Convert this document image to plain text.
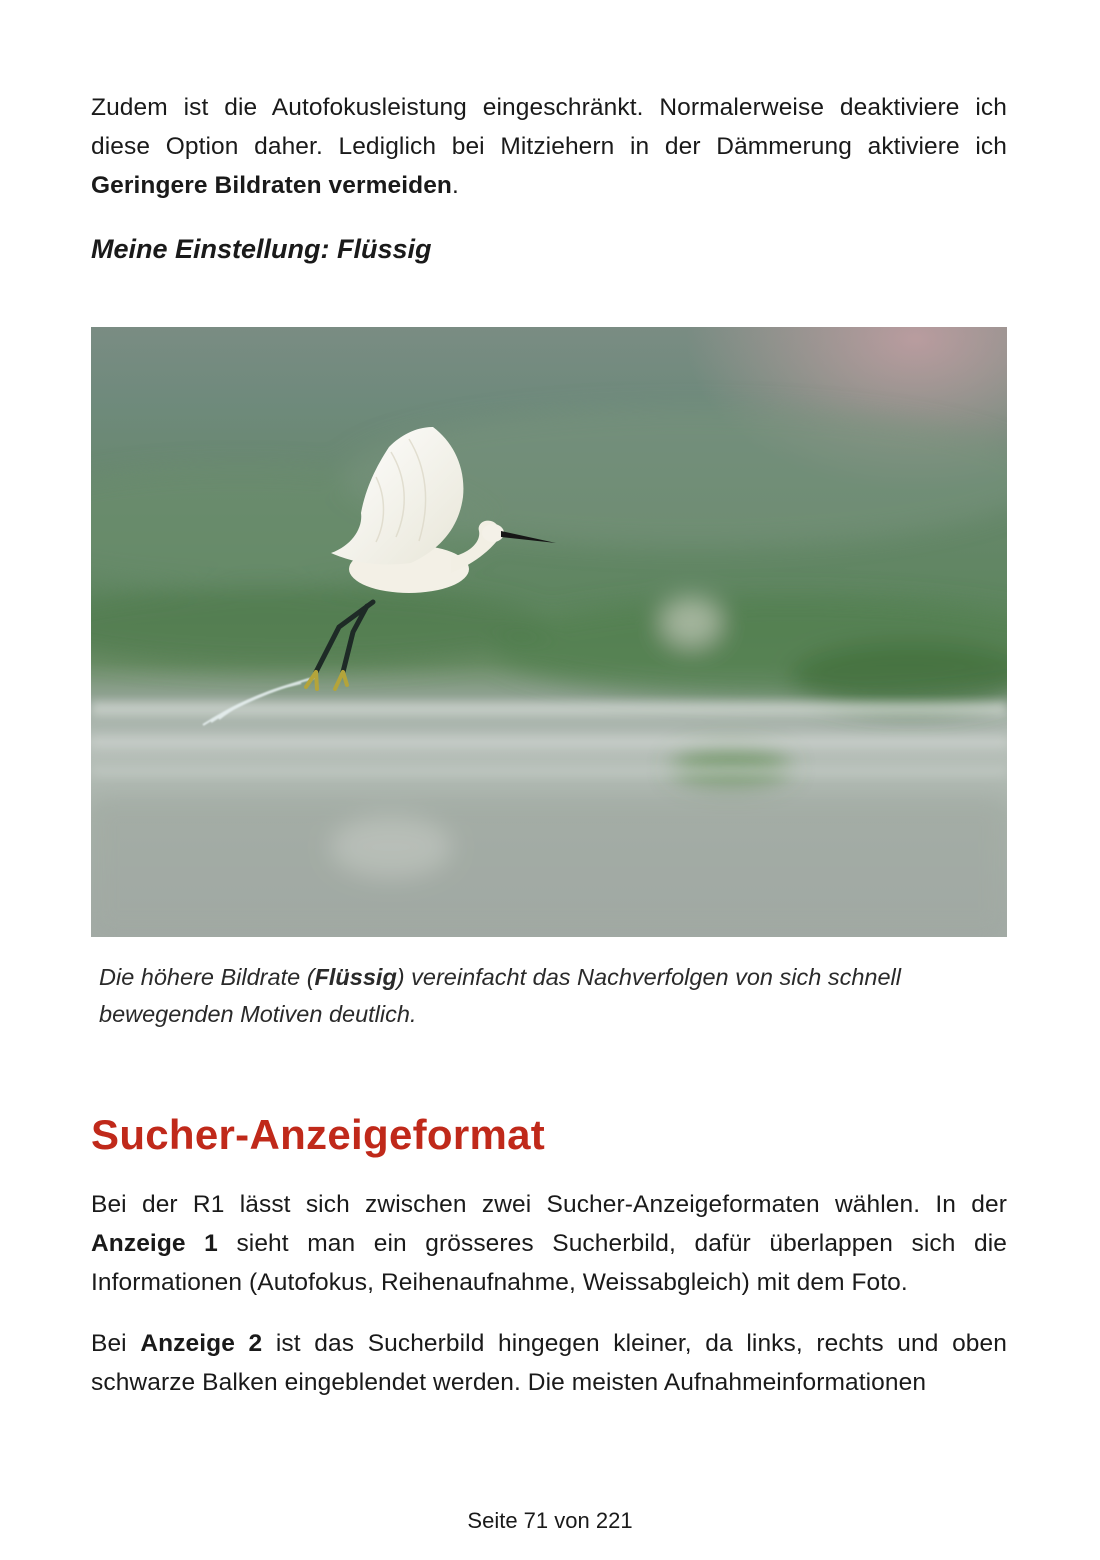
Zudem ist die Autofokusleistung eingeschränkt. Normalerweise deaktiviere ich diese Option daher. Lediglich bei Mitziehern in der Dämmerung aktiviere ich Geringere Bildraten vermeiden.

Meine Einstellung: Flüssig
Die höhere Bildrate (Flüssig) vereinfacht das Nachverfolgen von sich schnell bewegenden Motiven deutlich.
Sucher-Anzeigeformat

Bei der R1 lässt sich zwischen zwei Sucher-Anzeigeformaten wählen. In der Anzeige 1 sieht man ein grösseres Sucherbild, dafür überlappen sich die Informationen (Autofokus, Reihenaufnahme, Weissabgleich) mit dem Foto.

Bei Anzeige 2 ist das Sucherbild hingegen kleiner, da links, rechts und oben schwarze Balken eingeblendet werden. Die meisten Aufnahmeinformationen

Seite 71 von 221
